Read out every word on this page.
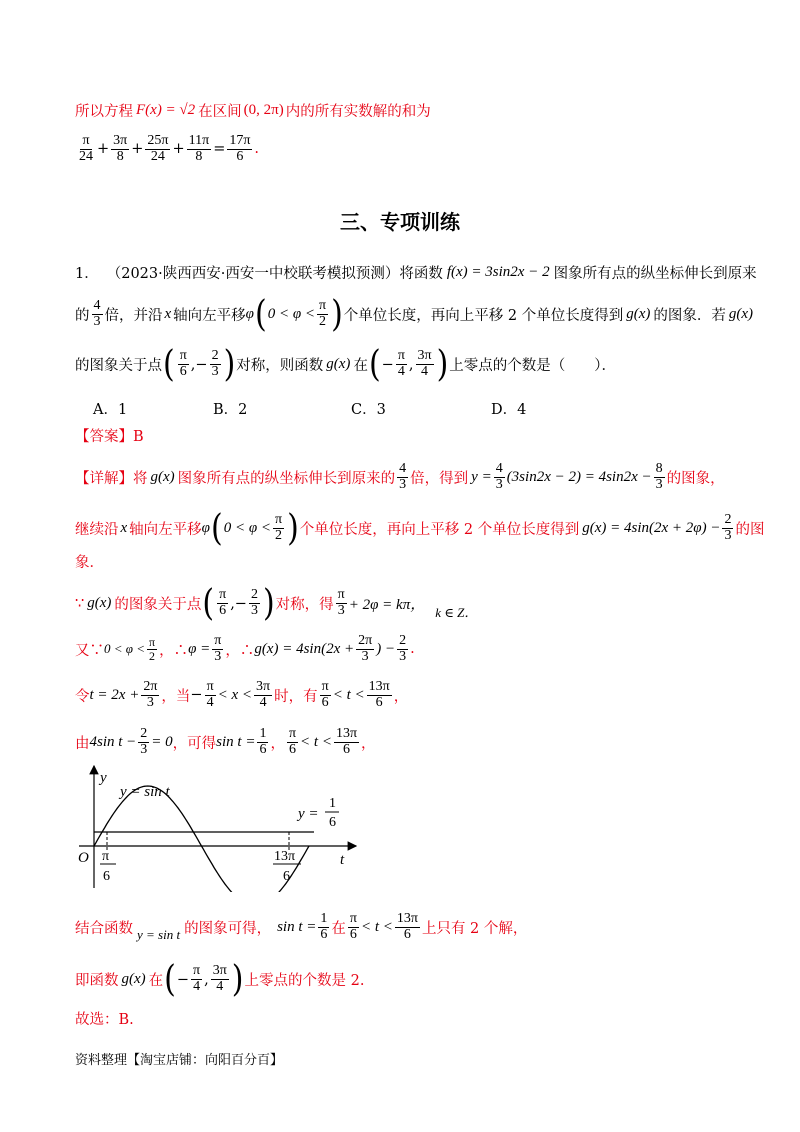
所以方程 F(x) = √2 在区间 (0, 2π) 内的所有实数解的和为
$\frac{\pi}{24} + \frac{3\pi}{8} + \frac{25\pi}{24} + \frac{11\pi}{8} = \frac{17\pi}{6}$ .
三、专项训练
1． （2023·陕西西安·西安一中校联考模拟预测）将函数 f(x) = 3sin2x − 2 图象所有点的纵坐标伸长到原来
的 $\frac{4}{3}$ 倍，并沿 x 轴向左平移 φ ( $0 < \varphi < \frac{\pi}{2}$ ) 个单位长度，再向上平移 2 个单位长度得到 g(x) 的图象．若 g(x)
的图象关于点 ( $\frac{\pi}{6}$ ,− $\frac{2}{3}$ ) 对称，则函数 g(x) 在 ( − $\frac{\pi}{4}$ , $\frac{3\pi}{4}$ ) 上零点的个数是（　　）．
A．1	B．2	C．3	D．4
【答案】B
【详解】 将 g(x) 图象所有点的纵坐标伸长到原来的 $\frac{4}{3}$ 倍，得到 $y = \frac{4}{3} (3\sin 2x - 2) = 4\sin 2x - \frac{8}{3}$ 的图象，
继续沿 x 轴向左平移 φ ( $0 < \varphi < \frac{\pi}{2}$ ) 个单位长度，再向上平移 2 个单位长度得到 $g(x) = 4\sin(2x + 2\varphi) - \frac{2}{3}$ 的图
象．
∵ g(x) 的图象关于点 ( $\frac{\pi}{6}$ ,− $\frac{2}{3}$ ) 对称，得 $\frac{\pi}{3} + 2\varphi = k\pi$， k ∈ Z．
又∵ $0 < \varphi < \frac{\pi}{2}$ ，∴ $\varphi = \frac{\pi}{3}$ ，∴ $g(x) = 4\sin(2x + \frac{2\pi}{3}$ ) − $\frac{2}{3}$ .
令 $t = 2x + \frac{2\pi}{3}$ ，当 − $\frac{\pi}{4} < x < \frac{3\pi}{4}$ 时，有 $\frac{\pi}{6} < t < \frac{13\pi}{6}$ ，
由 4sin $t - \frac{2}{3} = 0$ ，可得 $\sin t = \frac{1}{6}$ ， $\frac{\pi}{6} < t < \frac{13\pi}{6}$ ，
y
t
O
y = sin t
y =
1
6
π
6
13π
6
结合函数 y = sin t 的图象可得， $\sin t = \frac{1}{6}$ 在 $\frac{\pi}{6} < t < \frac{13\pi}{6}$ 上只有 2 个解，
即函数 g(x) 在 ( − $\frac{\pi}{4}$ , $\frac{3\pi}{4}$ ) 上零点的个数是 2.
故选：B.
资料整理【淘宝店铺：向阳百分百】
